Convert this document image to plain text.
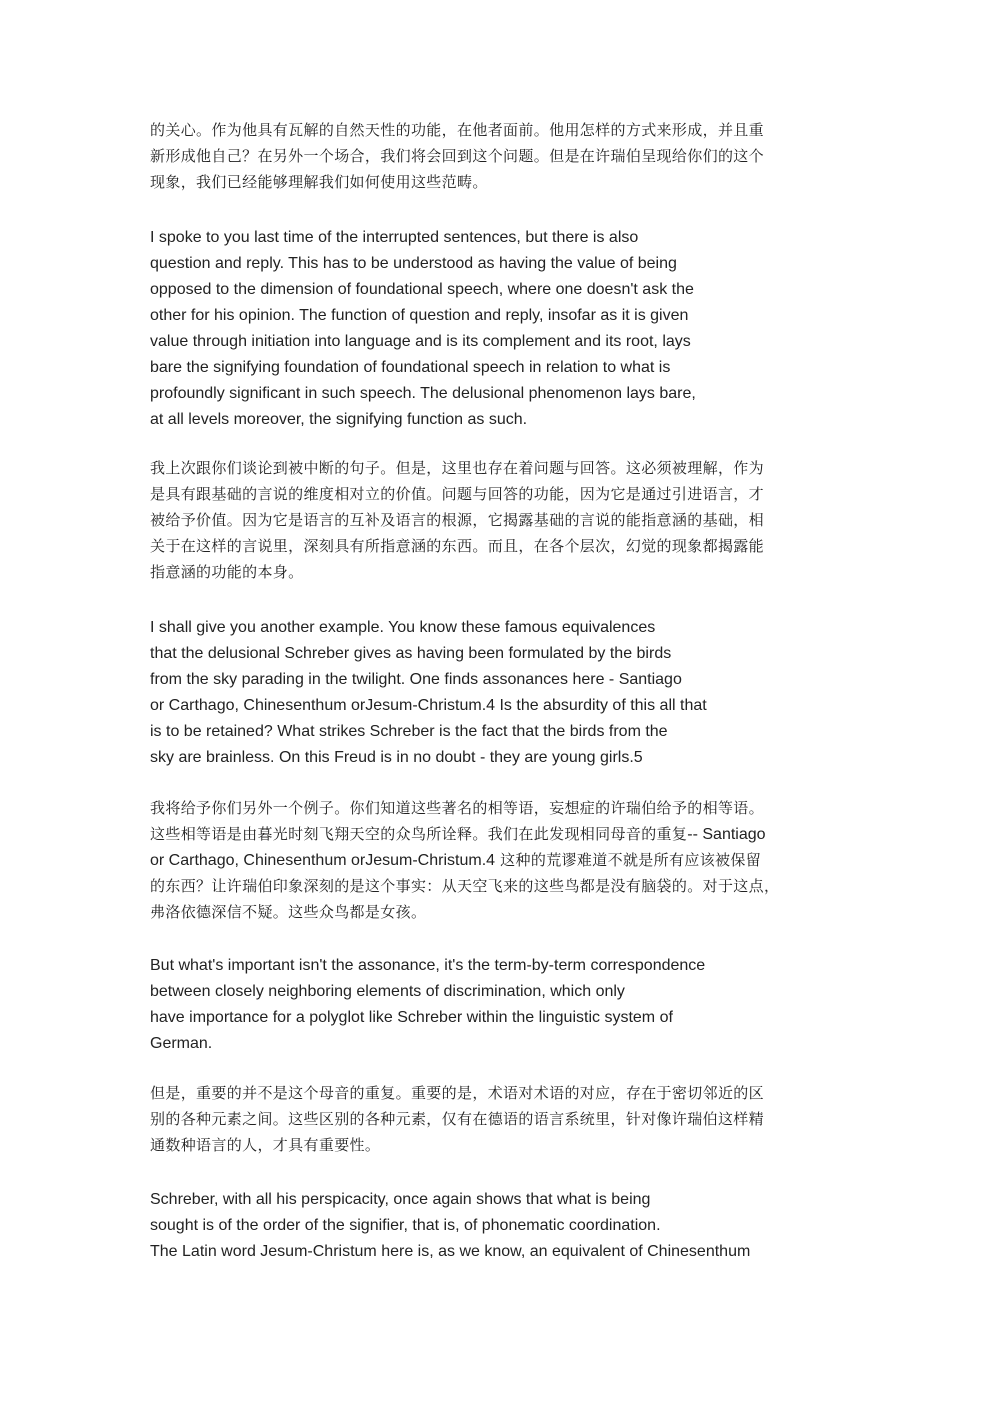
的关心。作为他具有瓦解的自然天性的功能，在他者面前。他用怎样的方式来形成，并且重
新形成他自己？在另外一个场合，我们将会回到这个问题。但是在许瑞伯呈现给你们的这个
现象，我们已经能够理解我们如何使用这些范畴。
I spoke to you last time of the interrupted sentences, but there is also
question and reply. This has to be understood as having the value of being
opposed to the dimension of foundational speech, where one doesn't ask the
other for his opinion. The function of question and reply, insofar as it is given
value through initiation into language and is its complement and its root, lays
bare the signifying foundation of foundational speech in relation to what is
profoundly significant in such speech. The delusional phenomenon lays bare,
at all levels moreover, the signifying function as such.
我上次跟你们谈论到被中断的句子。但是，这里也存在着问题与回答。这必须被理解，作为
是具有跟基础的言说的维度相对立的价值。问题与回答的功能，因为它是通过引进语言，才
被给予价值。因为它是语言的互补及语言的根源，它揭露基础的言说的能指意涵的基础，相
关于在这样的言说里，深刻具有所指意涵的东西。而且，在各个层次，幻觉的现象都揭露能
指意涵的功能的本身。
I shall give you another example. You know these famous equivalences
that the delusional Schreber gives as having been formulated by the birds
from the sky parading in the twilight. One finds assonances here - Santiago
or Carthago, Chinesenthum orJesum-Christum.4 Is the absurdity of this all that
is to be retained? What strikes Schreber is the fact that the birds from the
sky are brainless. On this Freud is in no doubt - they are young girls.5
我将给予你们另外一个例子。你们知道这些著名的相等语，妄想症的许瑞伯给予的相等语。
这些相等语是由暮光时刻飞翔天空的众鸟所诠释。我们在此发现相同母音的重复-- Santiago
or Carthago, Chinesenthum orJesum-Christum.4 这种的荒谬难道不就是所有应该被保留
的东西？让许瑞伯印象深刻的是这个事实：从天空飞来的这些鸟都是没有脑袋的。对于这点，
弗洛依德深信不疑。这些众鸟都是女孩。
But what's important isn't the assonance, it's the term-by-term correspondence
between closely neighboring elements of discrimination, which only
have importance for a polyglot like Schreber within the linguistic system of
German.
但是，重要的并不是这个母音的重复。重要的是，术语对术语的对应，存在于密切邻近的区
别的各种元素之间。这些区别的各种元素，仅有在德语的语言系统里，针对像许瑞伯这样精
通数种语言的人，才具有重要性。
Schreber, with all his perspicacity, once again shows that what is being
sought is of the order of the signifier, that is, of phonematic coordination.
The Latin word Jesum-Christum here is, as we know, an equivalent of Chinesenthum
